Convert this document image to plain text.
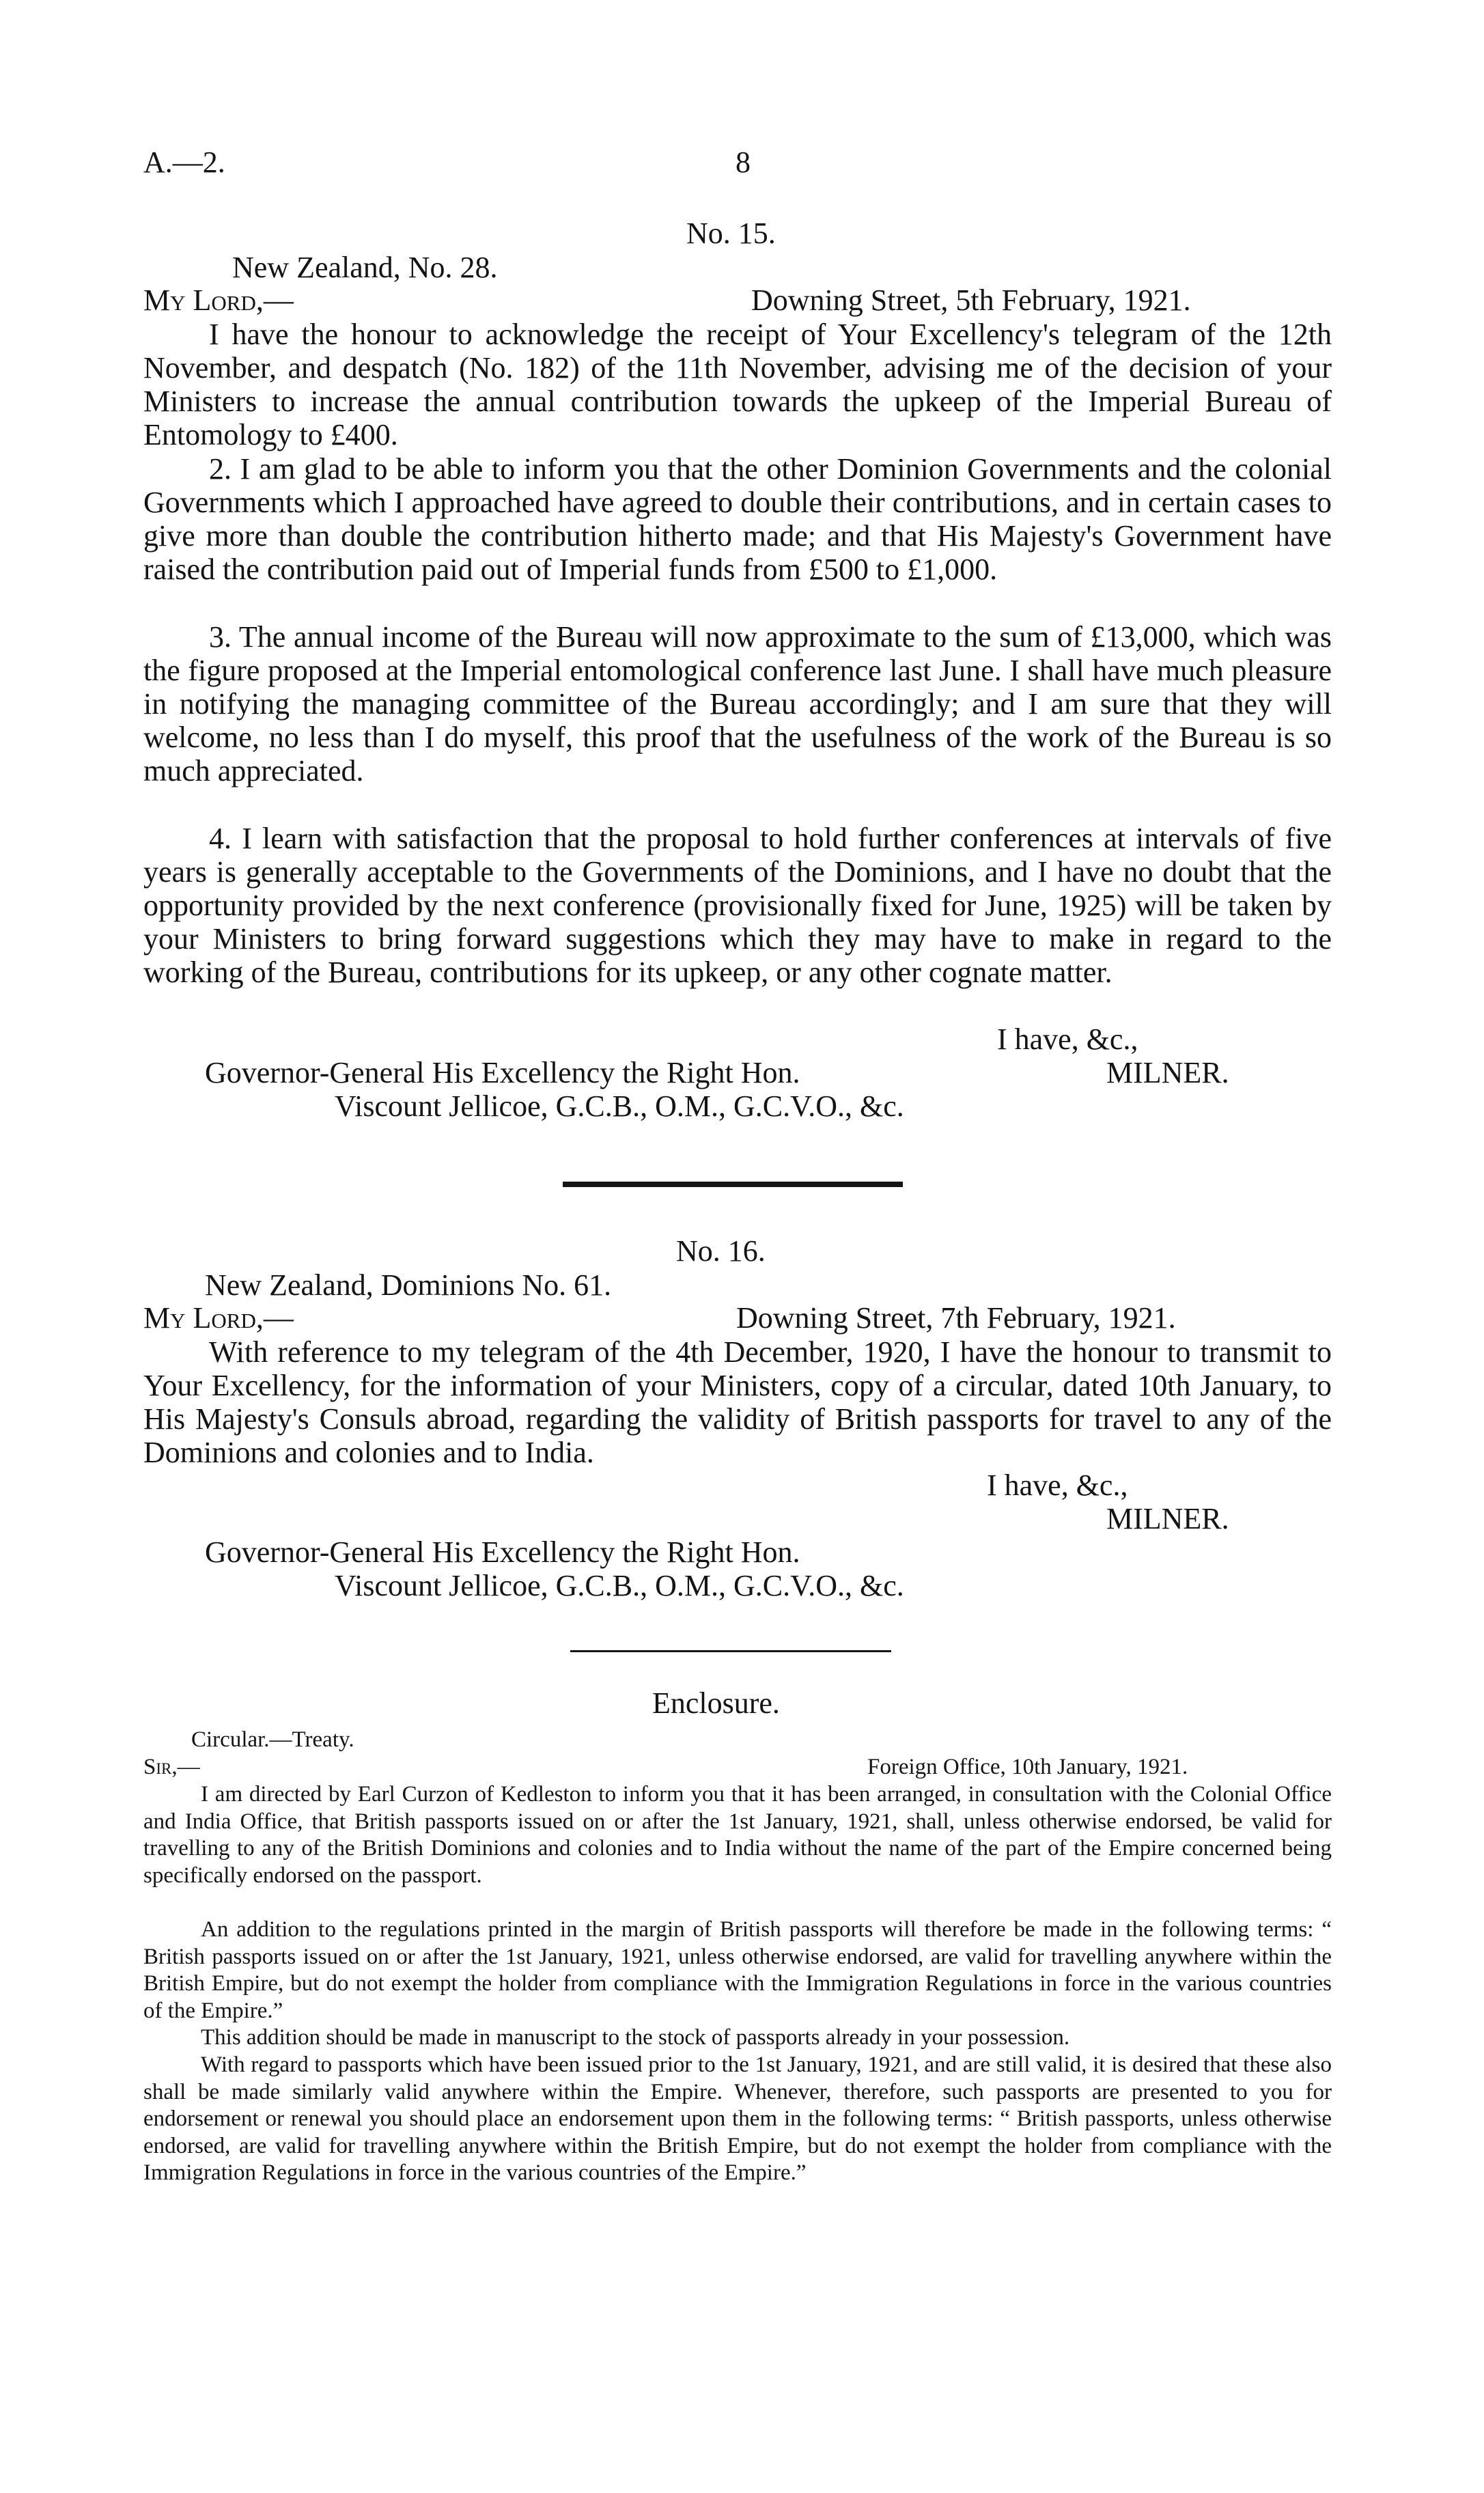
A.—2.	8
No. 15.
New Zealand, No. 28.
My Lord,—	Downing Street, 5th February, 1921.
I have the honour to acknowledge the receipt of Your Excellency's telegram of the 12th November, and despatch (No. 182) of the 11th November, advising me of the decision of your Ministers to increase the annual contribution towards the upkeep of the Imperial Bureau of Entomology to £400.
2. I am glad to be able to inform you that the other Dominion Governments and the colonial Governments which I approached have agreed to double their contributions, and in certain cases to give more than double the contribution hitherto made; and that His Majesty's Government have raised the contribution paid out of Imperial funds from £500 to £1,000.
3. The annual income of the Bureau will now approximate to the sum of £13,000, which was the figure proposed at the Imperial entomological conference last June. I shall have much pleasure in notifying the managing committee of the Bureau accordingly; and I am sure that they will welcome, no less than I do myself, this proof that the usefulness of the work of the Bureau is so much appreciated.
4. I learn with satisfaction that the proposal to hold further conferences at intervals of five years is generally acceptable to the Governments of the Dominions, and I have no doubt that the opportunity provided by the next conference (provisionally fixed for June, 1925) will be taken by your Ministers to bring forward suggestions which they may have to make in regard to the working of the Bureau, contributions for its upkeep, or any other cognate matter.
I have, &c.,
Governor-General His Excellency the Right Hon.	MILNER.
Viscount Jellicoe, G.C.B., O.M., G.C.V.O., &c.
No. 16.
New Zealand, Dominions No. 61.
My Lord,—	Downing Street, 7th February, 1921.
With reference to my telegram of the 4th December, 1920, I have the honour to transmit to Your Excellency, for the information of your Ministers, copy of a circular, dated 10th January, to His Majesty's Consuls abroad, regarding the validity of British passports for travel to any of the Dominions and colonies and to India.
I have, &c.,
MILNER.
Governor-General His Excellency the Right Hon.
Viscount Jellicoe, G.C.B., O.M., G.C.V.O., &c.
Enclosure.
Circular.—Treaty.
Sir,—	Foreign Office, 10th January, 1921.
I am directed by Earl Curzon of Kedleston to inform you that it has been arranged, in consultation with the Colonial Office and India Office, that British passports issued on or after the 1st January, 1921, shall, unless otherwise endorsed, be valid for travelling to any of the British Dominions and colonies and to India without the name of the part of the Empire concerned being specifically endorsed on the passport.
An addition to the regulations printed in the margin of British passports will therefore be made in the following terms: “ British passports issued on or after the 1st January, 1921, unless otherwise endorsed, are valid for travelling anywhere within the British Empire, but do not exempt the holder from compliance with the Immigration Regulations in force in the various countries of the Empire.”
This addition should be made in manuscript to the stock of passports already in your possession.
With regard to passports which have been issued prior to the 1st January, 1921, and are still valid, it is desired that these also shall be made similarly valid anywhere within the Empire. Whenever, therefore, such passports are presented to you for endorsement or renewal you should place an endorsement upon them in the following terms: “ British passports, unless otherwise endorsed, are valid for travelling anywhere within the British Empire, but do not exempt the holder from compliance with the Immigration Regulations in force in the various countries of the Empire.”
